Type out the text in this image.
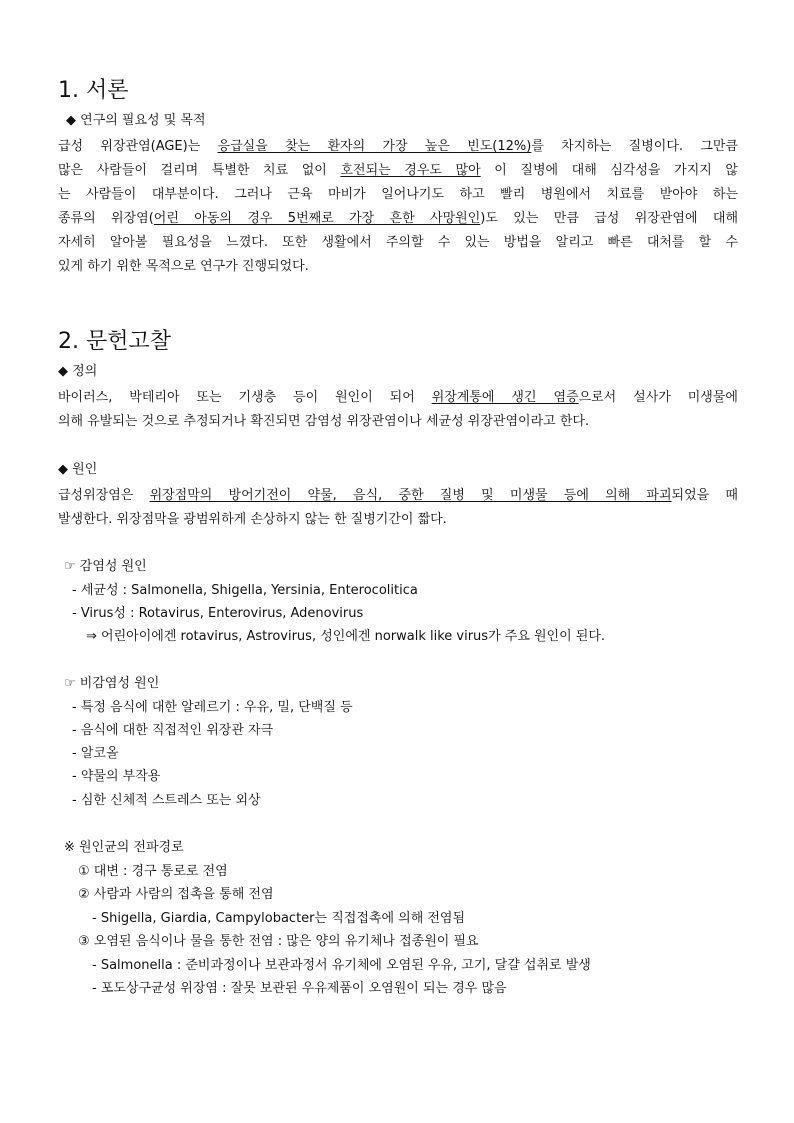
1. 서론

◆ 연구의 필요성 및 목적

급성 위장관염(AGE)는 응급실을 찾는 환자의 가장 높은 빈도(12%)를 차지하는 질병이다. 그만큼

많은 사람들이 걸리며 특별한 치료 없이 호전되는 경우도 많아 이 질병에 대해 심각성을 가지지 않

는 사람들이 대부분이다. 그러나 근육 마비가 일어나기도 하고 빨리 병원에서 치료를 받아야 하는

종류의 위장염(어린 아동의 경우 5번째로 가장 흔한 사망원인)도 있는 만큼 급성 위장관염에 대해

자세히 알아볼 필요성을 느꼈다. 또한 생활에서 주의할 수 있는 방법을 알리고 빠른 대처를 할 수

있게 하기 위한 목적으로 연구가 진행되었다.

2. 문헌고찰

◆ 정의

바이러스, 박테리아 또는 기생충 등이 원인이 되어 위장계통에 생긴 염증으로서 설사가 미생물에

의해 유발되는 것으로 추정되거나 확진되면 감염성 위장관염이나 세균성 위장관염이라고 한다.

◆ 원인

급성위장염은 위장점막의 방어기전이 약물, 음식, 중한 질병 및 미생물 등에 의해 파괴되었을 때

발생한다. 위장점막을 광범위하게 손상하지 않는 한 질병기간이 짧다.

☞ 감염성 원인

- 세균성 : Salmonella, Shigella, Yersinia, Enterocolitica

- Virus성 : Rotavirus, Enterovirus, Adenovirus

⇒ 어린아이에겐 rotavirus, Astrovirus, 성인에겐 norwalk like virus가 주요 원인이 된다.

☞ 비감염성 원인

- 특정 음식에 대한 알레르기 : 우유, 밀, 단백질 등

- 음식에 대한 직접적인 위장관 자극

- 알코올

- 약물의 부작용

- 심한 신체적 스트레스 또는 외상

※ 원인균의 전파경로

① 대변 : 경구 통로로 전염

② 사람과 사람의 접촉을 통해 전염

- Shigella, Giardia, Campylobacter는 직접접촉에 의해 전염됨

③ 오염된 음식이나 물을 통한 전염 : 많은 양의 유기체나 접종원이 필요

- Salmonella : 준비과정이나 보관과정서 유기체에 오염된 우유, 고기, 달걀 섭취로 발생

- 포도상구균성 위장염 : 잘못 보관된 우유제품이 오염원이 되는 경우 많음
